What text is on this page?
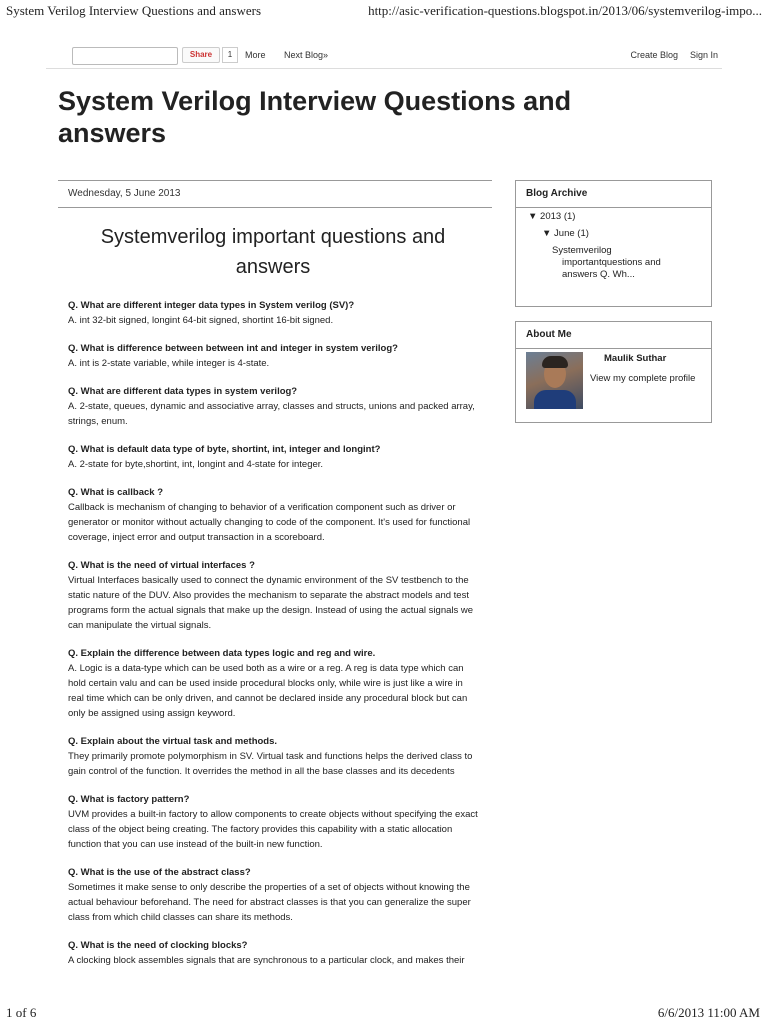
System Verilog Interview Questions and answers	http://asic-verification-questions.blogspot.in/2013/06/systemverilog-impo...
Share	1	More Next Blog»	Create Blog Sign In
System Verilog Interview Questions and answers
Wednesday, 5 June 2013
Systemverilog important questions and answers
Q. What are different integer data types in System verilog (SV)?
A. int 32-bit signed, longint 64-bit signed, shortint 16-bit signed.
Q. What is difference between between int and integer in system verilog?
A. int is 2-state variable, while integer is 4-state.
Q. What are different data types in system verilog?
A. 2-state, queues, dynamic and associative array, classes and structs, unions and packed array, strings, enum.
Q. What is default data type of byte, shortint, int, integer and longint?
A. 2-state for byte,shortint, int, longint and 4-state for integer.
Q. What is callback ?
Callback is mechanism of changing to behavior of a verification component such as driver or generator or monitor without actually changing to code of the component. It's used for functional coverage, inject error and output transaction in a scoreboard.
Q. What is the need of virtual interfaces ?
Virtual Interfaces basically used to connect the dynamic environment of the SV testbench to the static nature of the DUV. Also provides the mechanism to separate the abstract models and test programs form the actual signals that make up the design. Instead of using the actual signals we can manipulate the virtual signals.
Q. Explain the difference between data types logic and reg and wire.
A. Logic is a data-type which can be used both as a wire or a reg. A reg is data type which can hold certain valu and can be used inside procedural blocks only, while wire is just like a wire in real time which can be only driven, and cannot be declared inside any procedural block but can only be assigned using assign keyword.
Q. Explain about the virtual task and methods.
They primarily promote polymorphism in SV. Virtual task and functions helps the derived class to gain control of the function. It overrides the method in all the base classes and its decedents
Q. What is factory pattern?
UVM provides a built-in factory to allow components to create objects without specifying the exact class of the object being creating. The factory provides this capability with a static allocation function that you can use instead of the built-in new function.
Q. What is the use of the abstract class?
Sometimes it make sense to only describe the properties of a set of objects without knowing the actual behaviour beforehand. The need for abstract classes is that you can generalize the super class from which child classes can share its methods.
Q. What is the need of clocking blocks?
A clocking block assembles signals that are synchronous to a particular clock, and makes their
Blog Archive
▼ 2013 (1)
▼ June (1)
Systemverilog
importantquestions and answers Q. Wh...
About Me
Maulik Suthar
View my complete profile
1 of 6	6/6/2013 11:00 AM
